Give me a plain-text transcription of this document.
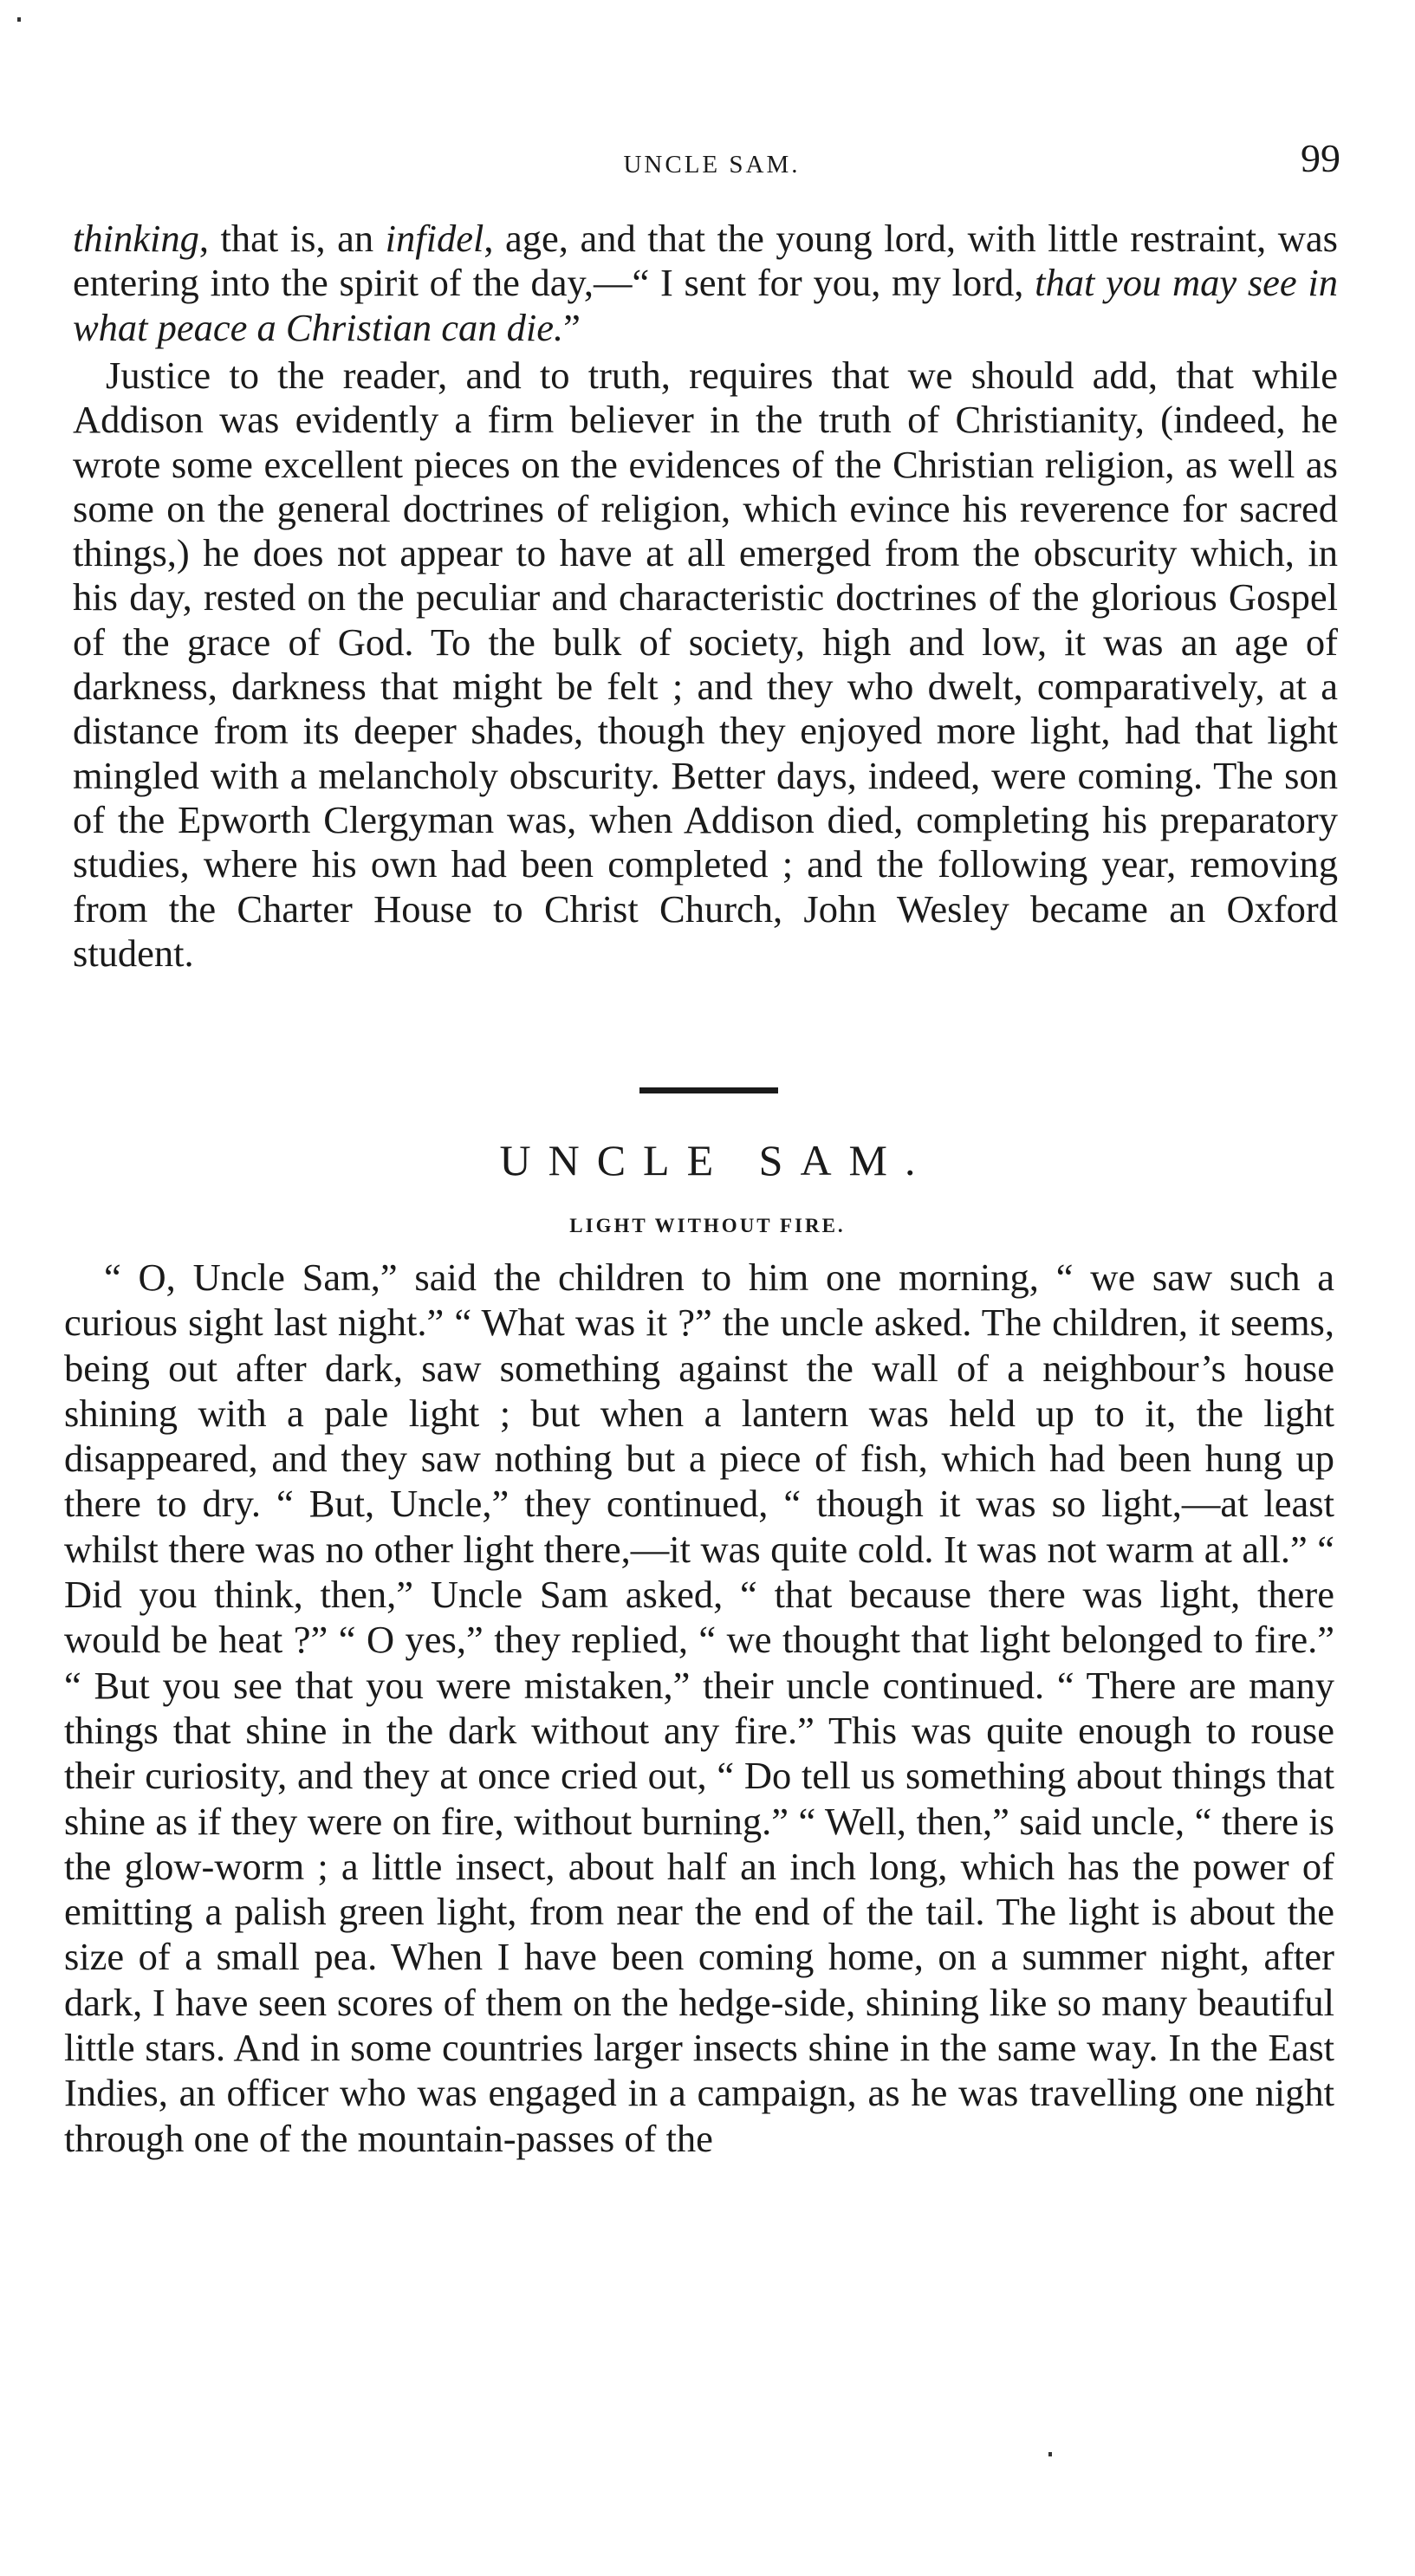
UNCLE SAM.	99

thinking, that is, an infidel, age, and that the young lord, with little restraint, was entering into the spirit of the day,—“ I sent for you, my lord, that you may see in what peace a Christian can die.”

Justice to the reader, and to truth, requires that we should add, that while Addison was evidently a firm believer in the truth of Christianity, (indeed, he wrote some excellent pieces on the evidences of the Christian religion, as well as some on the general doctrines of religion, which evince his reverence for sacred things,) he does not appear to have at all emerged from the obscurity which, in his day, rested on the peculiar and characteristic doctrines of the glorious Gospel of the grace of God. To the bulk of society, high and low, it was an age of darkness, darkness that might be felt ; and they who dwelt, comparatively, at a distance from its deeper shades, though they enjoyed more light, had that light mingled with a melancholy obscurity. Better days, indeed, were coming. The son of the Epworth Clergyman was, when Addison died, completing his preparatory studies, where his own had been completed ; and the following year, removing from the Charter House to Christ Church, John Wesley became an Oxford student.

UNCLE SAM.
LIGHT WITHOUT FIRE.

“ O, Uncle Sam,” said the children to him one morning, “ we saw such a curious sight last night.” “ What was it ?” the uncle asked. The children, it seems, being out after dark, saw something against the wall of a neighbour’s house shining with a pale light ; but when a lantern was held up to it, the light disappeared, and they saw nothing but a piece of fish, which had been hung up there to dry. “ But, Uncle,” they continued, “ though it was so light,—at least whilst there was no other light there,—it was quite cold. It was not warm at all.” “ Did you think, then,” Uncle Sam asked, “ that because there was light, there would be heat ?” “ O yes,” they replied, “ we thought that light belonged to fire.” “ But you see that you were mistaken,” their uncle continued. “ There are many things that shine in the dark without any fire.” This was quite enough to rouse their curiosity, and they at once cried out, “ Do tell us something about things that shine as if they were on fire, without burning.” “ Well, then,” said uncle, “ there is the glow-worm ; a little insect, about half an inch long, which has the power of emitting a palish green light, from near the end of the tail. The light is about the size of a small pea. When I have been coming home, on a summer night, after dark, I have seen scores of them on the hedge-side, shining like so many beautiful little stars. And in some countries larger insects shine in the same way. In the East Indies, an officer who was engaged in a campaign, as he was travelling one night through one of the mountain-passes of the
